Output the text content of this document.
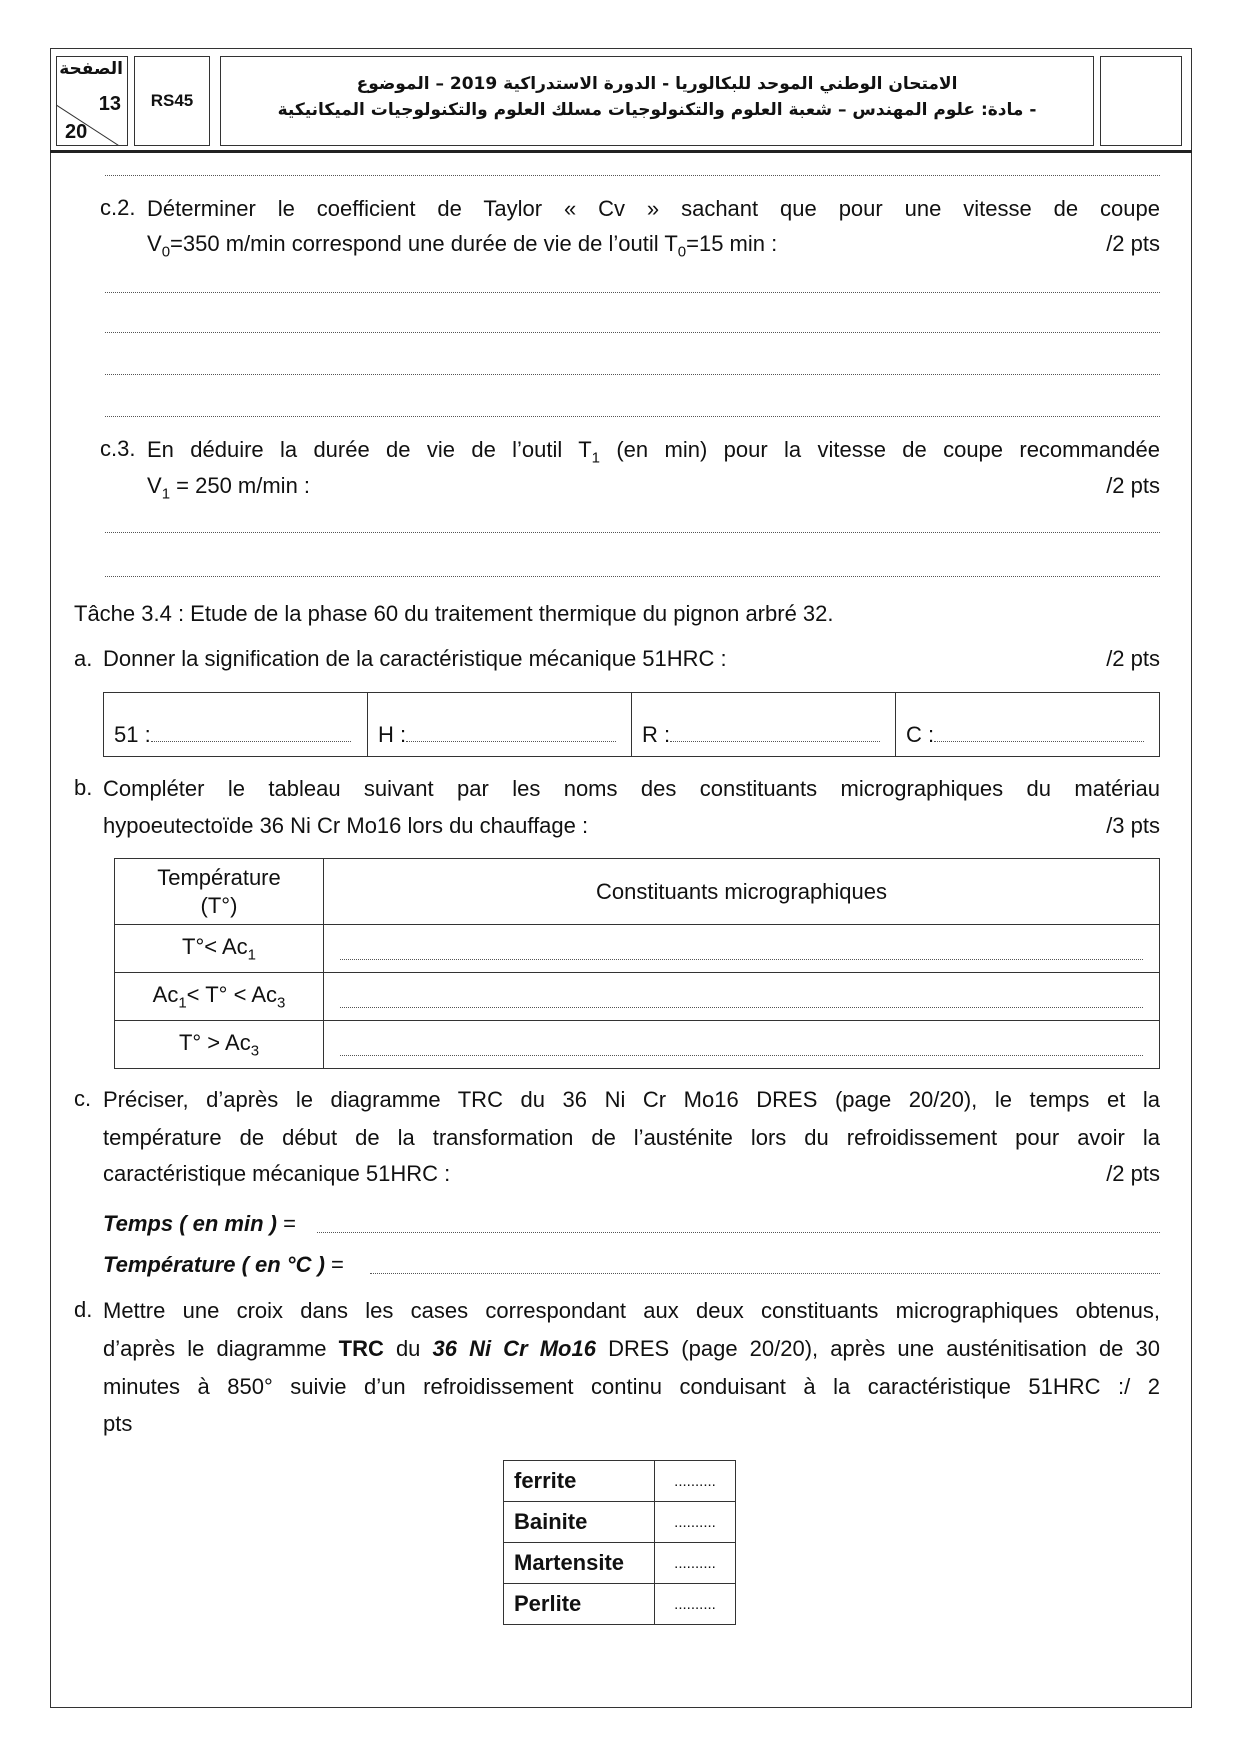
الصفحة
13
20
RS45
الامتحان الوطني الموحد للبكالوريا - الدورة الاستدراكية 2019 – الموضوع
- مادة: علوم المهندس – شعبة العلوم والتكنولوجيات مسلك العلوم والتكنولوجيات الميكانيكية
c.2. Déterminer le coefficient de Taylor « Cv » sachant que pour une vitesse de coupe
$V_0=350$ m/min correspond une durée de vie de l’outil $T_0=15$ min :	/2 pts
c.3. En déduire la durée de vie de l’outil $T_1$ (en min) pour la vitesse de coupe recommandée
$V_1 = 250$ m/min :	/2 pts
Tâche 3.4 : Etude de la phase 60 du traitement thermique du pignon arbré 32.
a. Donner la signification de la caractéristique mécanique 51HRC :	/2 pts
51 :	H :	R :	C :
b. Compléter le tableau suivant par les noms des constituants micrographiques du matériau
hypoeutectoïde 36 Ni Cr Mo16 lors du chauffage :	/3 pts
Température
(T°)	Constituants micrographiques
$T^\circ< Ac_1$	
$Ac_1< T^\circ < Ac_3$	
$T^\circ > Ac_3$	
c. Préciser, d’après le diagramme TRC du 36 Ni Cr Mo16 DRES (page 20/20), le temps et la
température de début de la transformation de l’austénite lors du refroidissement pour avoir la
caractéristique mécanique 51HRC :	/2 pts
Temps ( en min ) =
Température ( en °C ) =
d. Mettre une croix dans les cases correspondant aux deux constituants micrographiques obtenus,
d’après le diagramme TRC du 36 Ni Cr Mo16 DRES (page 20/20), après une austénitisation de 30
minutes à 850° suivie d’un refroidissement continu conduisant à la caractéristique 51HRC :/ 2
pts
ferrite	..........
Bainite	..........
Martensite	..........
Perlite	..........
